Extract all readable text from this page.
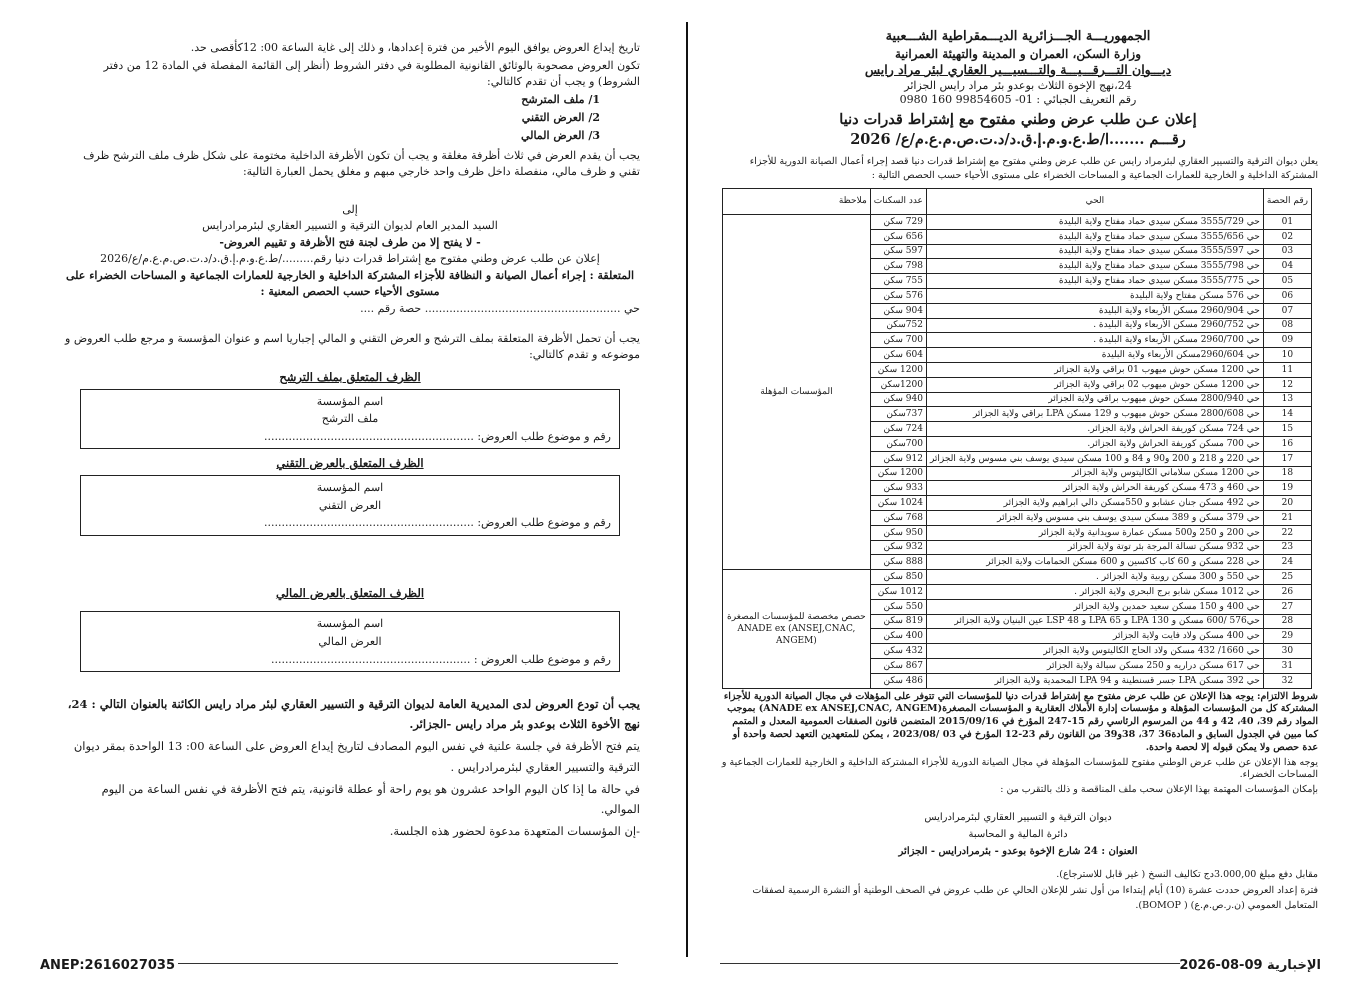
تاريخ إيداع العروض يوافق اليوم الأخير من فترة إعدادها، و ذلك إلى غاية الساعة 00: 12كأقصى حد.

تكون العروض مصحوبة بالوثائق القانونية المطلوبة في دفتر الشروط (أنظر إلى القائمة المفصلة في المادة 12 من دفتر الشروط) و يجب أن تقدم كالتالي:

1/ ملف المترشح
2/ العرض التقني
3/ العرض المالي

يجب أن يقدم العرض في ثلاث أظرفة مغلقة و يجب أن تكون الأظرفة الداخلية مختومة على شكل ظرف ملف الترشح ظرف تقني و ظرف مالي، منفصلة داخل ظرف واحد خارجي مبهم و مغلق يحمل العبارة التالية:

إلى
السيد المدير العام لديوان الترقية و التسيير العقاري لبئرمرادرايس
- لا يفتح إلا من طرف لجنة فتح الأظرفة و تقييم العروض-
إعلان عن طلب عرض وطني مفتوح مع إشتراط قدرات دنيا رقم........./ط.ع.و.م.إ.ق.د/د.ت.ص.م.ع.م/ع/2026
المتعلقة : إجراء أعمال الصيانة و النظافة للأجزاء المشتركة الداخلية و الخارجية للعمارات الجماعية و المساحات الخضراء على مستوى الأحياء حسب الحصص المعنية :
حي ........................................................ حصة رقم ....

يجب أن تحمل الأظرفة المتعلقة بملف الترشح و العرض التقني و المالي إجباريا اسم و عنوان المؤسسة و مرجع طلب العروض و موضوعه و تقدم كالتالي:

الظرف المتعلق بملف الترشح
اسم المؤسسة
ملف الترشح
رقم و موضوع طلب العروض: ............................................................
الظرف المتعلق بالعرض التقني
اسم المؤسسة
العرض التقني
رقم و موضوع طلب العروض: ............................................................
الظرف المتعلق بالعرض المالي
اسم المؤسسة
العرض المالي
رقم و موضوع طلب العروض : .........................................................

يجب أن تودع العروض لدى المديرية العامة لديوان الترقية و التسيير العقاري لبئر مراد رايس الكائنة بالعنوان التالي : 24، نهج الأخوة الثلاث بوعدو بئر مراد رايس -الجزائر.

يتم فتح الأظرفة في جلسة علنية في نفس اليوم المصادف لتاريخ إيداع العروض على الساعة 00: 13 الواحدة بمقر ديوان الترقية والتسيير العقاري لبئرمرادرايس .

في حالة ما إذا كان اليوم الواحد عشرون هو يوم راحة أو عطلة قانونية، يتم فتح الأظرفة في نفس الساعة من اليوم الموالي.

-إن المؤسسات المتعهدة مدعوة لحضور هذه الجلسة.

الجمهوريـــة الجـــزائرية الديـــمقراطية الشـــعبية
وزارة السكن، العمران و المدينة والتهيئة العمرانية
ديـــوان التـــرقـــيـــة والتـــسيـــير العقاري لبئر مراد رايس
24،نهج الإخوة الثلاث بوعدو بئر مراد رايس الجزائر
رقم التعريف الجبائي : 01- 99854605 160 0980
إعلان عـن طلب عرض وطني مفتوح مع إشتراط قدرات دنيا
رقـــم .......ا/ط.ع.و.م.إ.ق.د/د.ت.ص.م.ع.م/ع/ 2026

يعلن ديوان الترقية والتسيير العقاري لبئرمراد رايس عن طلب عرض وطني مفتوح مع إشتراط قدرات دنيا قصد إجراء أعمال الصيانة الدورية للأجزاء المشتركة الداخلية و الخارجية للعمارات الجماعية و المساحات الخضراء على مستوى الأحياء حسب الحصص التالية :

رقم الحصة	الحي	عدد السكنات	ملاحظة
01	حي 3555/729 مسكن سيدي حماد مفتاح ولاية البليدة	729 سكن	المؤسسات المؤهلة
02	حي 3555/656 مسكن سيدي حماد مفتاح ولاية البليدة	656 سكن	
03	حي 3555/597 مسكن سيدي حماد مفتاح ولاية البليدة	597 سكن	
04	حي 3555/798 مسكن سيدي حماد مفتاح ولاية البليدة	798 سكن	
05	حي 3555/775 مسكن سيدي حماد مفتاح ولاية البليدة	755 سكن	
06	حي 576 مسكن مفتاح ولاية البليدة	576 سكن	
07	حي 2960/904 مسكن الأربعاء ولاية البليدة	904 سكن	
08	حي 2960/752 مسكن الأربعاء ولاية البليدة .	752سكن	
09	حي 2960/700 مسكن الأربعاء ولاية البليدة .	700 سكن	
10	حي 2960/604مسكن الأربعاء ولاية البليدة	604 سكن	
11	حي 1200 مسكن حوش ميهوب 01 براقي ولاية الجزائر	1200 سكن	
12	حي 1200 مسكن حوش ميهوب 02 براقي ولاية الجزائر	1200سكن	
13	حي 2800/940 مسكن حوش ميهوب براقي ولاية الجزائر	940 سكن	
14	حي 2800/608 مسكن حوش ميهوب و 129 مسكن LPA براقي ولاية الجزائر	737سكن	
15	حي 724 مسكن كوريفة الحراش ولاية الجزائر.	724 سكن	
16	حي 700 مسكن كوريفة الحراش ولاية الجزائر.	700سكن	
17	حي 220 و 218 و 200 و90 و 84 و 100 مسكن سيدي يوسف بني مسوس ولاية الجزائر	912 سكن	
18	حي 1200 مسكن سلاماني الكاليتوس ولاية الجزائر	1200 سكن	
19	حي 460 و 473 مسكن كوريفة الحراش ولاية الجزائر	933 سكن	
20	حي 492 مسكن جنان عشابو و 550مسكن دالي ابراهيم ولاية الجزائر	1024 سكن	
21	حي 379 مسكن و 389 مسكن سيدي يوسف بني مسوس ولاية الجزائر	768 سكن	
22	حي 200 و 250 و500 مسكن عمارة سويدانية ولاية الجزائر	950 سكن	
23	حي 932 مسكن تسالة المرجة بئر توتة ولاية الجزائر	932 سكن	
24	حي 228 مسكن و 60 كاب كاكسين و 600 مسكن الحمامات ولاية الجزائر	888 سكن	
25	حي 550 و 300 مسكن روبية ولاية الجزائر .	850 سكن	حصص مخصصة للمؤسسات المصغرة ANADE ex (ANSEJ,CNAC, ANGEM)
26	حي 1012 مسكن شابو برج البحري ولاية الجزائر .	1012 سكن	
27	حي 400 و 150 مسكن سعيد حمدين ولاية الجزائر	550 سكن	
28	حي576 /600 مسكن و 130 LPA و 65 LPA و 48 LSP عين البنيان ولاية الجزائر	819 سكن	
29	حي 400 مسكن ولاد فايت ولاية الجزائر	400 سكن	
30	حي 1660/ 432 مسكن ولاد الحاج الكاليتوس ولاية الجزائر	432 سكن	
31	حي 617 مسكن دراريه و 250 مسكن سبالة ولاية الجزائر	867 سكن	
32	حي 392 مسكن LPA جسر قسنطينة و 94 LPA المحمدية ولاية الجزائر	486 سكن	

شروط الالتزام: يوجه هذا الإعلان عن طلب عرض مفتوح مع إشتراط قدرات دنيا للمؤسسات التي تتوفر على المؤهلات في مجال الصيانة الدورية للأجزاء المشتركة كل من المؤسسات المؤهلة و مؤسسات إدارة الأملاك العقارية و المؤسسات المصغرة(ANADE ex ANSEJ,CNAC, ANGEM) بموجب المواد رقم 39، 40، 42 و 44 من المرسوم الرئاسي رقم 15-247 المؤرخ في 2015/09/16 المتضمن قانون الصفقات العمومية المعدل و المتمم كما مبين في الجدول السابق و المادة36 37، 38و39 من القانون رقم 23-12 المؤرخ في 03 /2023/08 ، يمكن للمتعهدين التعهد لحصة واحدة أو عدة حصص ولا يمكن قبوله إلا لحصة واحدة.

يوجه هذا الإعلان عن طلب عرض الوطني مفتوح للمؤسسات المؤهلة في مجال الصيانة الدورية للأجزاء المشتركة الداخلية و الخارجية للعمارات الجماعية و المساحات الخضراء.

بإمكان المؤسسات المهتمة بهذا الإعلان سحب ملف المناقصة و ذلك بالتقرب من :

ديوان الترقية و التسيير العقاري لبئرمرادرايس
دائرة المالية و المحاسبة
العنوان : 24 شارع الإخوة بوعدو - بئرمرادرايس - الجزائر

مقابل دفع مبلغ 3.000,00دج تكاليف النسخ ( غير قابل للاسترجاع).

فترة إعداد العروض حددت عشرة (10) أيام إبتداءا من أول نشر للإعلان الحالي عن طلب عروض في الصحف الوطنية أو النشرة الرسمية لصفقات المتعامل العمومي (ن.ر.ص.م.ع) ( BOMOP).

ANEP:2616027035	الإخبارية 09-08-2026
